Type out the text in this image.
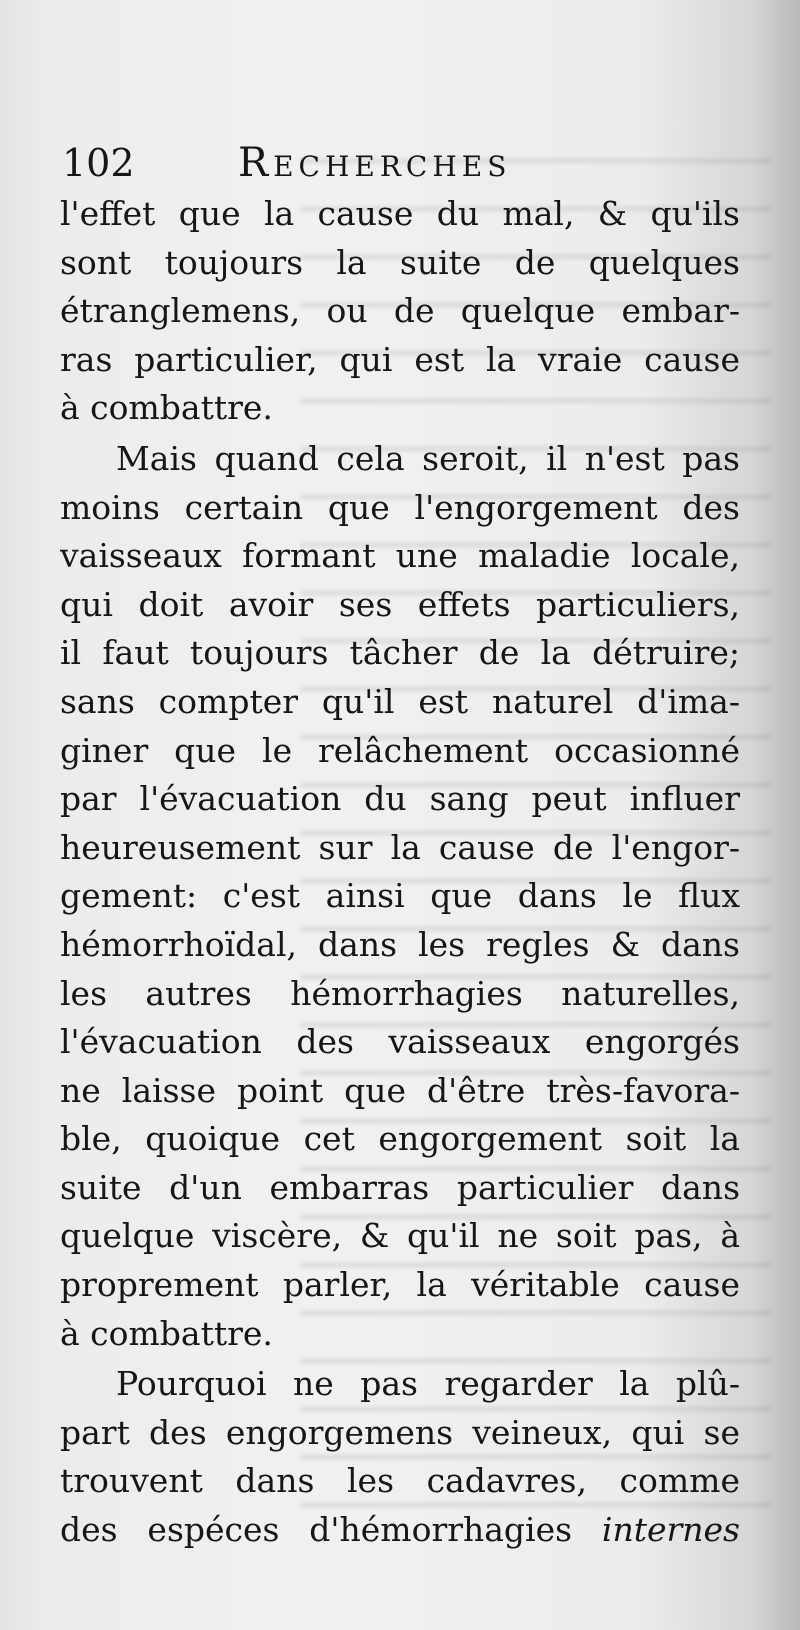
102	Recherches
l'effet que la cause du mal, & qu'ils
sont toujours la suite de quelques
étranglemens, ou de quelque embar-
ras particulier, qui est la vraie cause
à combattre.
Mais quand cela seroit, il n'est pas
moins certain que l'engorgement des
vaisseaux formant une maladie locale,
qui doit avoir ses effets particuliers,
il faut toujours tâcher de la détruire;
sans compter qu'il est naturel d'ima-
giner que le relâchement occasionné
par l'évacuation du sang peut influer
heureusement sur la cause de l'engor-
gement: c'est ainsi que dans le flux
hémorrhoïdal, dans les regles & dans
les autres hémorrhagies naturelles,
l'évacuation des vaisseaux engorgés
ne laisse point que d'être très-favora-
ble, quoique cet engorgement soit la
suite d'un embarras particulier dans
quelque viscère, & qu'il ne soit pas, à
proprement parler, la véritable cause
à combattre.
Pourquoi ne pas regarder la plû-
part des engorgemens veineux, qui se
trouvent dans les cadavres, comme
des espéces d'hémorrhagies internes
